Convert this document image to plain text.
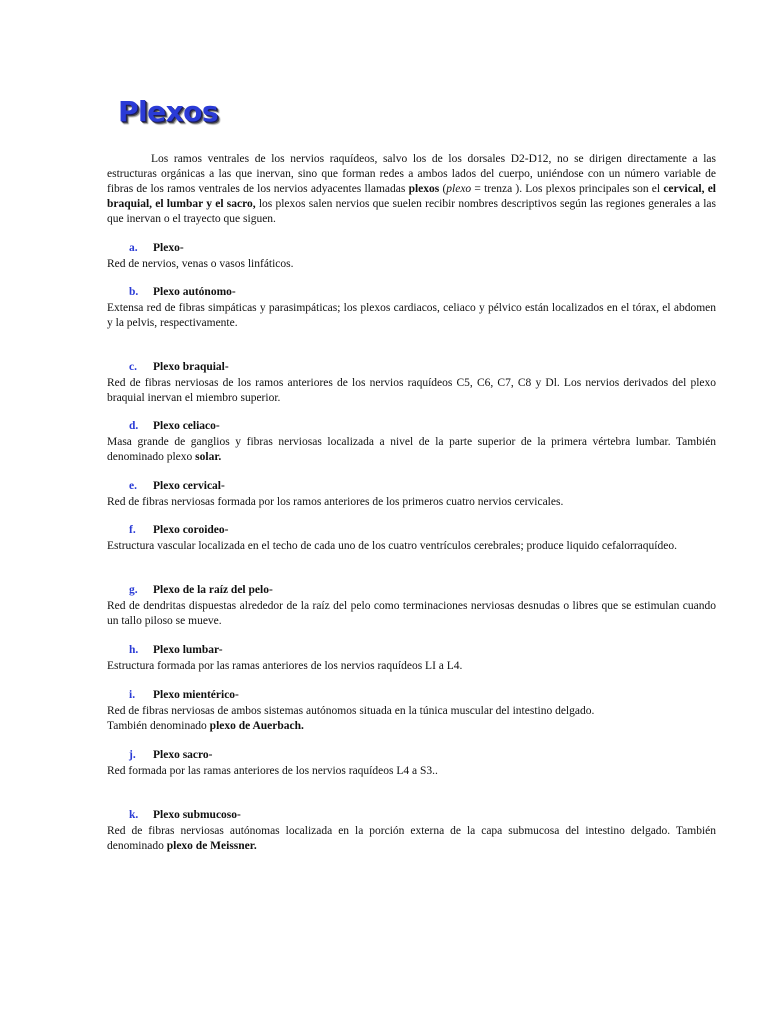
Plexos

Los ramos ventrales de los nervios raquídeos, salvo los de los dorsales D2-D12, no se dirigen directamente a las estructuras orgánicas a las que inervan, sino que forman redes a ambos lados del cuerpo, uniéndose con un número variable de fibras de los ramos ventrales de los nervios adyacentes llamadas plexos (plexo = trenza ). Los plexos principales son el cervical, el braquial, el lumbar y el sacro, los plexos salen nervios que suelen recibir nombres descriptivos según las regiones generales a las que inervan o el trayecto que siguen.

a. Plexo-

Red de nervios, venas o vasos linfáticos.

b. Plexo autónomo-

Extensa red de fibras simpáticas y parasimpáticas; los plexos cardiacos, celiaco y pélvico están localizados en el tórax, el abdomen y la pelvis, respectivamente.

c. Plexo braquial-

Red de fibras nerviosas de los ramos anteriores de los nervios raquídeos C5, C6, C7, C8 y Dl. Los nervios derivados del plexo braquial inervan el miembro superior.

d. Plexo celiaco-

Masa grande de ganglios y fibras nerviosas localizada a nivel de la parte superior de la primera vértebra lumbar. También denominado plexo solar.

e. Plexo cervical-

Red de fibras nerviosas formada por los ramos anteriores de los primeros cuatro nervios cervicales.

f. Plexo coroideo-

Estructura vascular localizada en el techo de cada uno de los cuatro ventrículos cerebrales; produce liquido cefalorraquídeo.

g. Plexo de la raíz del pelo-

Red de dendritas dispuestas alrededor de la raíz del pelo como terminaciones nerviosas desnudas o libres que se estimulan cuando un tallo piloso se mueve.

h. Plexo lumbar-

Estructura formada por las ramas anteriores de los nervios raquídeos LI a L4.

i. Plexo mientérico-

Red de fibras nerviosas de ambos sistemas autónomos situada en la túnica muscular del intestino delgado.

También denominado plexo de Auerbach.

j. Plexo sacro-

Red formada por las ramas anteriores de los nervios raquídeos L4 a S3..

k. Plexo submucoso-

Red de fibras nerviosas autónomas localizada en la porción externa de la capa submucosa del intestino delgado. También denominado plexo de Meissner.
